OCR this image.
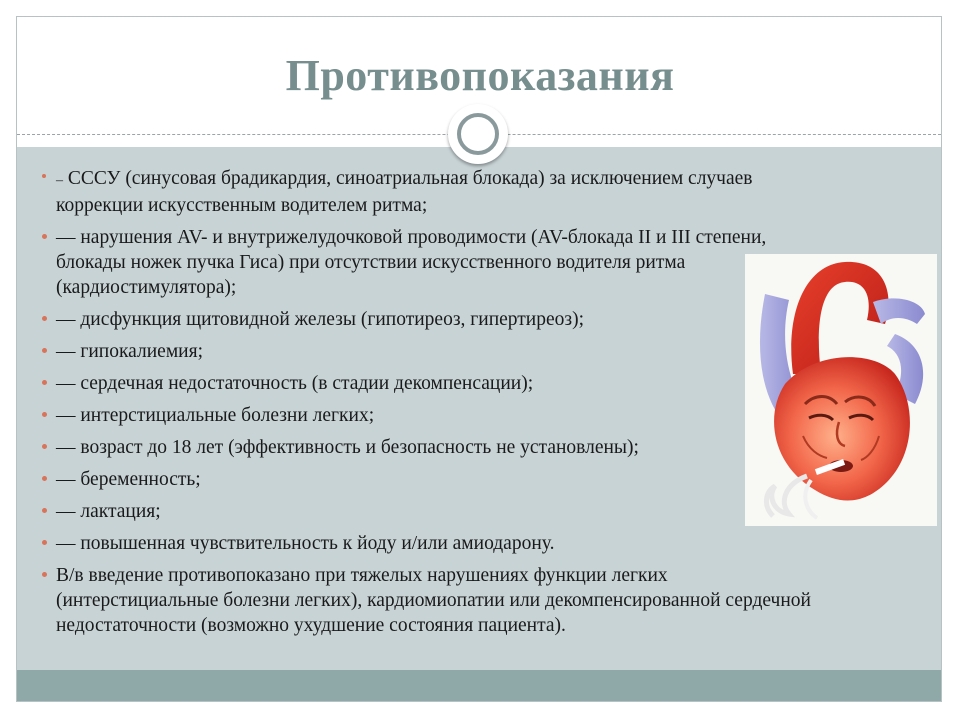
Противопоказания
– СССУ (синусовая брадикардия, синоатриальная блокада) за исключением случаев коррекции искусственным водителем ритма;
— нарушения AV- и внутрижелудочковой проводимости (AV-блокада II и III степени, блокады ножек пучка Гиса) при отсутствии искусственного водителя ритма (кардиостимулятора);
— дисфункция щитовидной железы (гипотиреоз, гипертиреоз);
— гипокалиемия;
— сердечная недостаточность (в стадии декомпенсации);
— интерстициальные болезни легких;
— возраст до 18 лет (эффективность и безопасность не установлены);
— беременность;
— лактация;
— повышенная чувствительность к йоду и/или амиодарону.
В/в введение противопоказано при тяжелых нарушениях функции легких (интерстициальные болезни легких), кардиомиопатии или декомпенсированной сердечной недостаточности (возможно ухудшение состояния пациента).
